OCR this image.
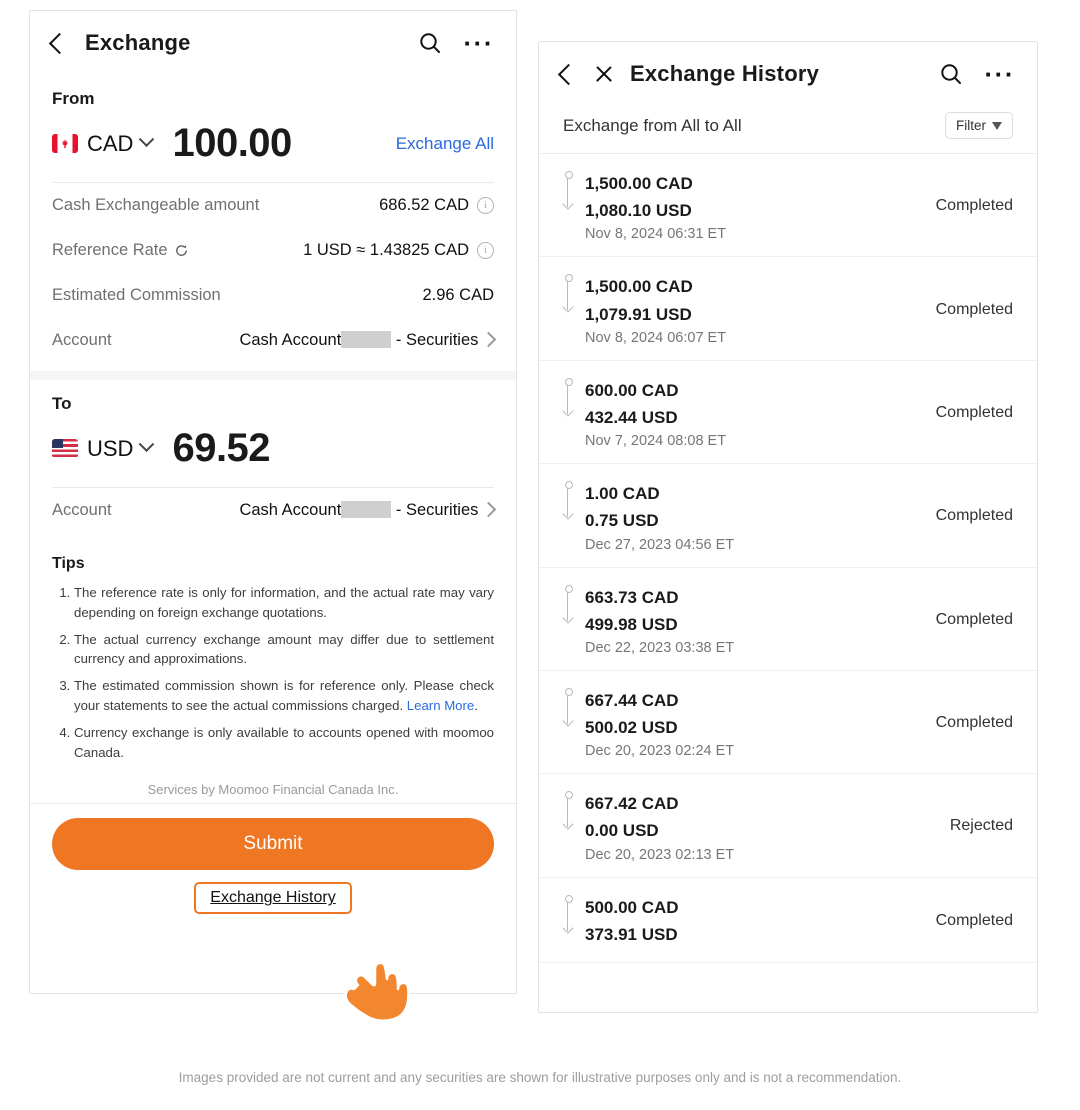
Exchange	···
From
CAD 100.00	Exchange All
Cash Exchangeable amount	686.52 CAD	i
Reference Rate	1 USD ≈ 1.43825 CAD	i
Estimated Commission	2.96 CAD
Account	Cash Account	- Securities
To
USD 69.52
Account	Cash Account	- Securities
Tips
1. The reference rate is only for information, and the actual rate may vary depending on foreign exchange quotations.
2. The actual currency exchange amount may differ due to settlement currency and approximations.
3. The estimated commission shown is for reference only. Please check your statements to see the actual commissions charged. Learn More.
4. Currency exchange is only available to accounts opened with moomoo Canada.
Services by Moomoo Financial Canada Inc.
Submit
Exchange History
Exchange History	···
Exchange from All to All	Filter
1,500.00 CAD
1,080.10 USD
Nov 8, 2024 06:31 ET
Completed
1,500.00 CAD
1,079.91 USD
Nov 8, 2024 06:07 ET
Completed
600.00 CAD
432.44 USD
Nov 7, 2024 08:08 ET
Completed
1.00 CAD
0.75 USD
Dec 27, 2023 04:56 ET
Completed
663.73 CAD
499.98 USD
Dec 22, 2023 03:38 ET
Completed
667.44 CAD
500.02 USD
Dec 20, 2023 02:24 ET
Completed
667.42 CAD
0.00 USD
Dec 20, 2023 02:13 ET
Rejected
500.00 CAD
373.91 USD
Completed
Images provided are not current and any securities are shown for illustrative purposes only and is not a recommendation.
